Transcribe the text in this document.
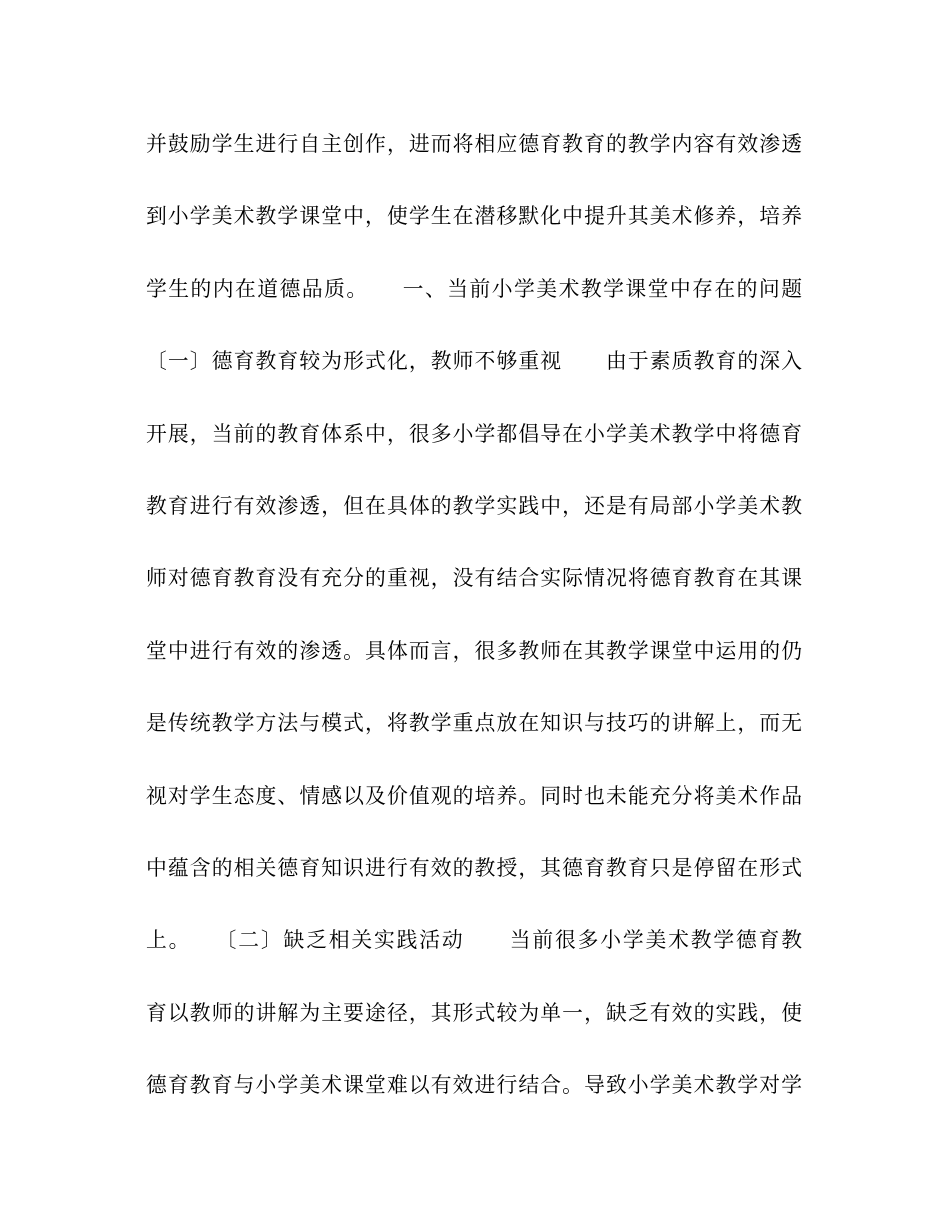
并鼓励学生进行自主创作，进而将相应德育教育的教学内容有效渗透
到小学美术教学课堂中，使学生在潜移默化中提升其美术修养，培养
学生的内在道德品质。　　一、当前小学美术教学课堂中存在的问题
〔一〕德育教育较为形式化，教师不够重视　　由于素质教育的深入
开展，当前的教育体系中，很多小学都倡导在小学美术教学中将德育
教育进行有效渗透，但在具体的教学实践中，还是有局部小学美术教
师对德育教育没有充分的重视，没有结合实际情况将德育教育在其课
堂中进行有效的渗透。具体而言，很多教师在其教学课堂中运用的仍
是传统教学方法与模式，将教学重点放在知识与技巧的讲解上，而无
视对学生态度、情感以及价值观的培养。同时也未能充分将美术作品
中蕴含的相关德育知识进行有效的教授，其德育教育只是停留在形式
上。　　〔二〕缺乏相关实践活动　　当前很多小学美术教学德育教
育以教师的讲解为主要途径，其形式较为单一，缺乏有效的实践，使
德育教育与小学美术课堂难以有效进行结合。导致小学美术教学对学
